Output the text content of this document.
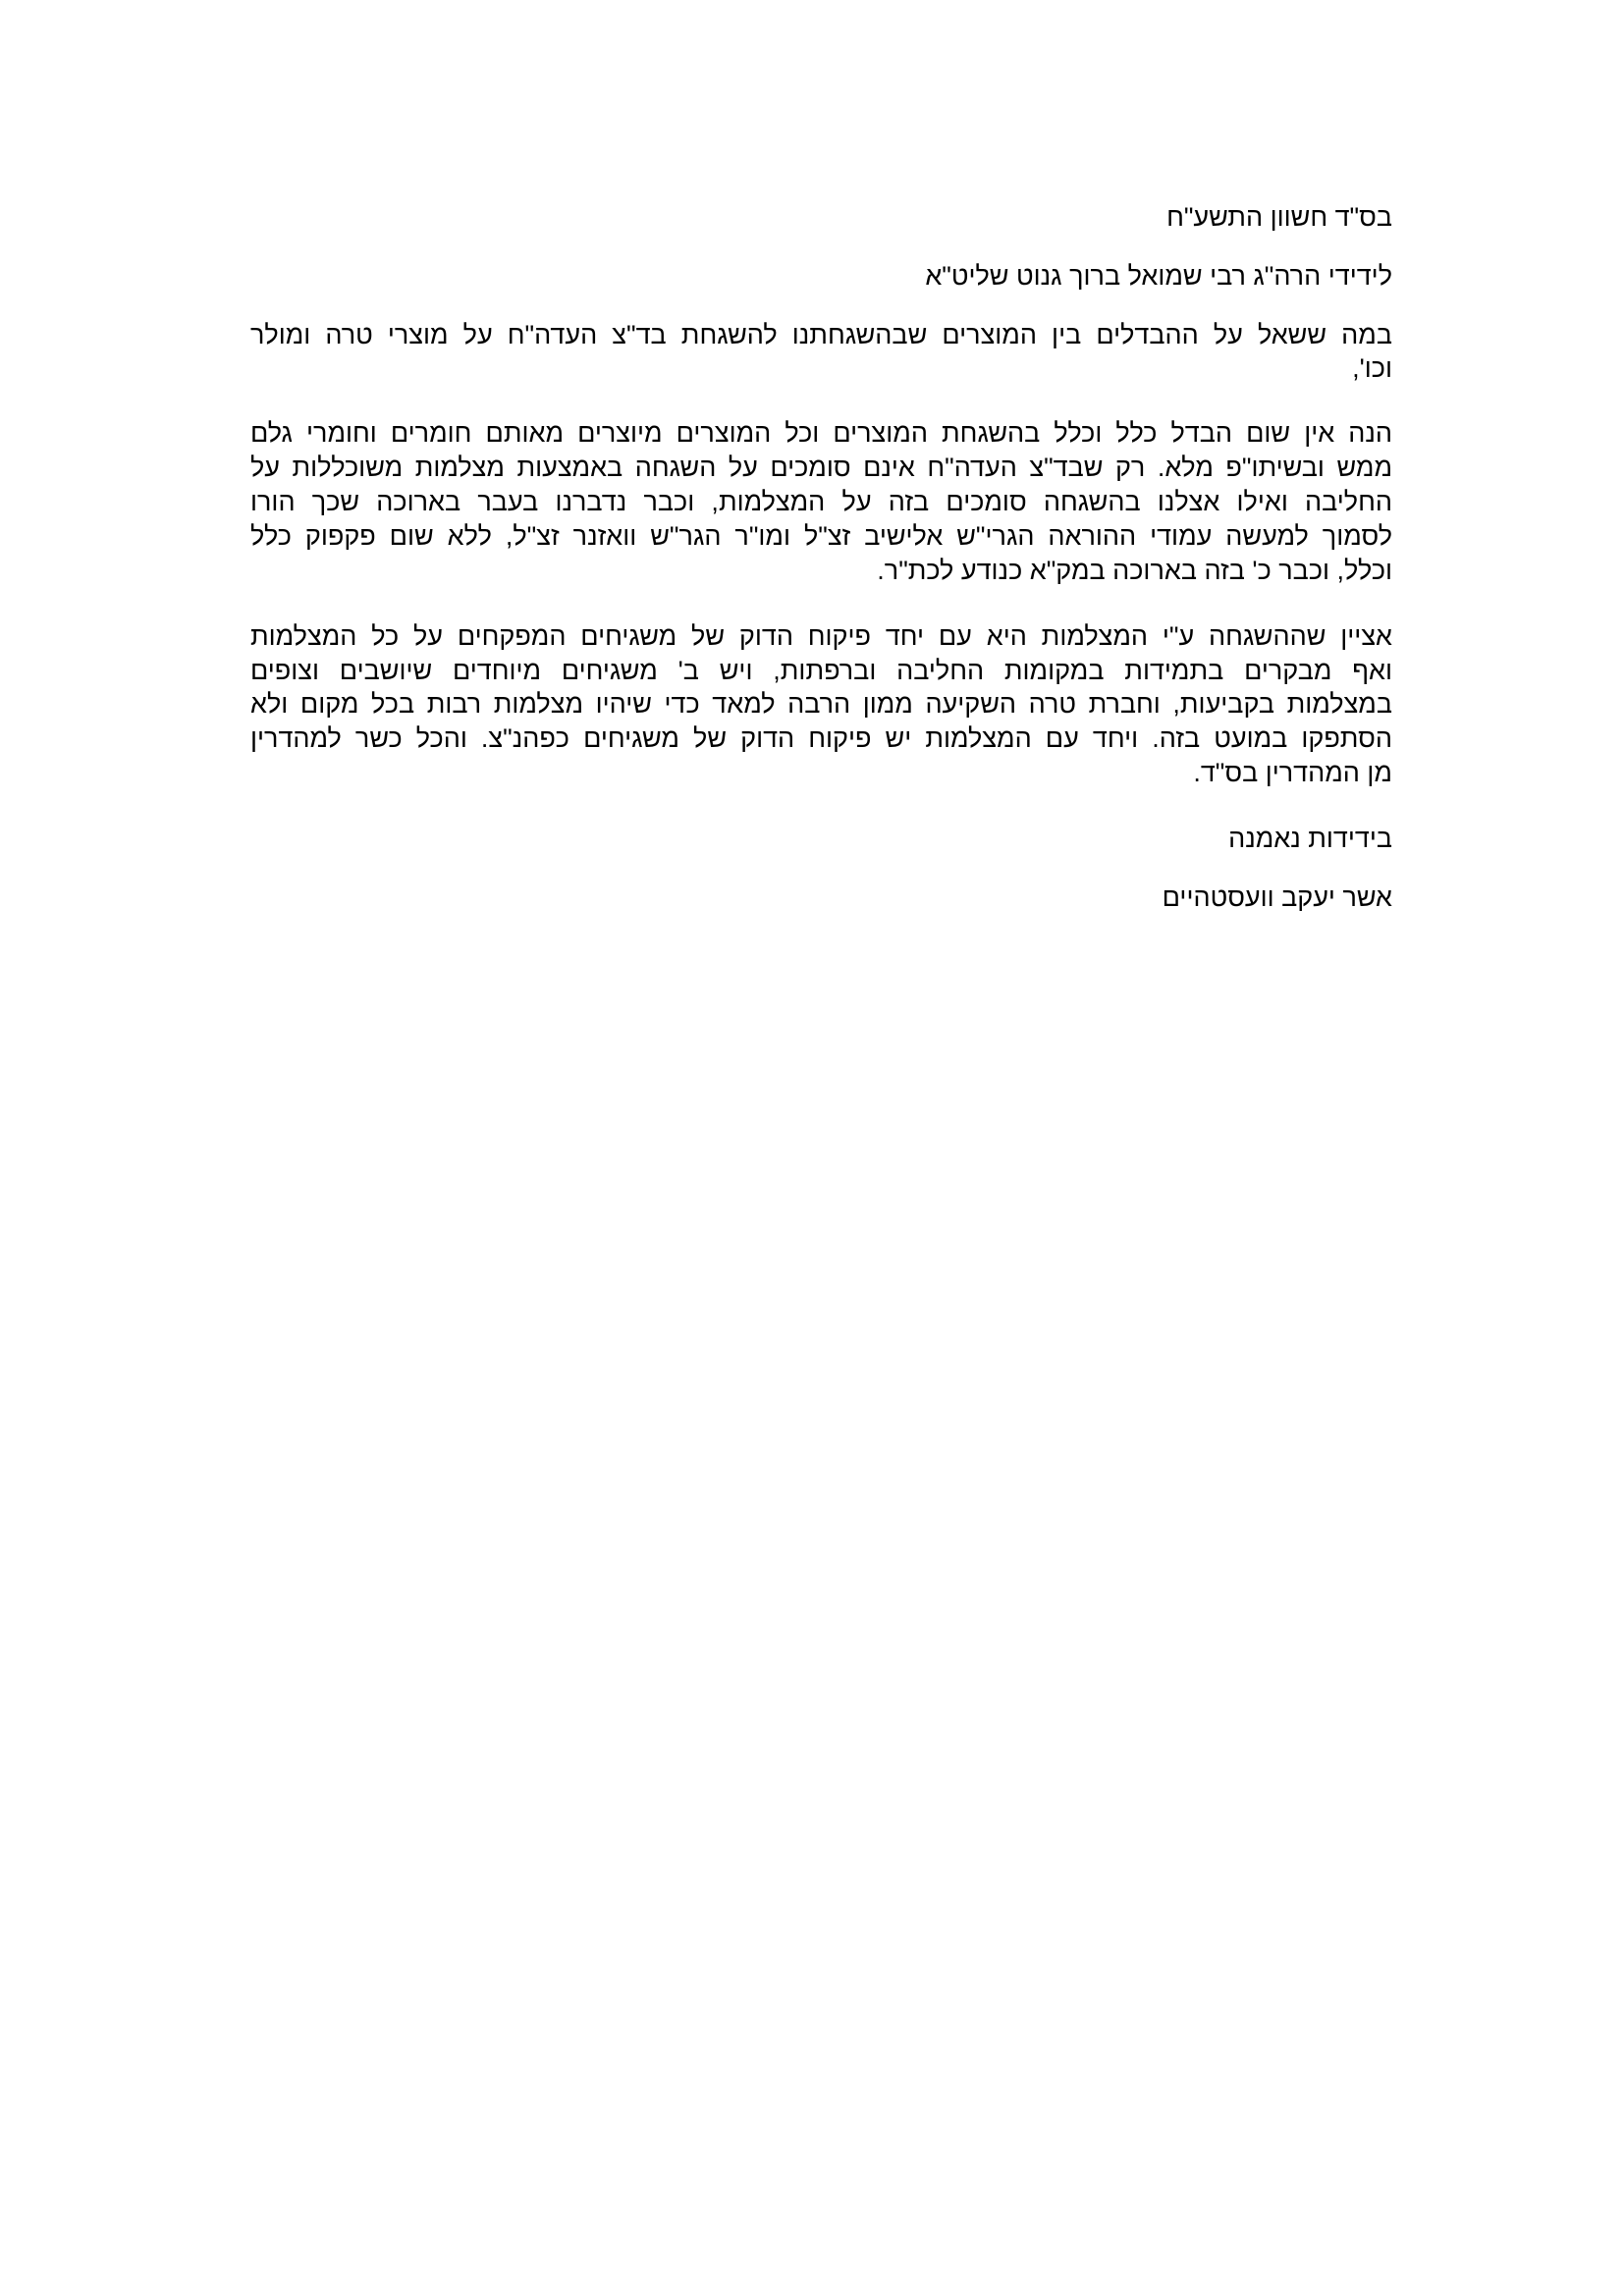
בס"ד חשוון התשע"ח
לידידי הרה"ג רבי שמואל ברוך גנוט שליט"א
במה ששאל על ההבדלים בין המוצרים שבהשגחתנו להשגחת בד"צ העדה"ח על מוצרי טרה ומולר
וכו',
הנה אין שום הבדל כלל וכלל בהשגחת המוצרים וכל המוצרים מיוצרים מאותם חומרים וחומרי גלם
ממש ובשיתו"פ מלא. רק שבד"צ העדה"ח אינם סומכים על השגחה באמצעות מצלמות משוכללות על
החליבה ואילו אצלנו בהשגחה סומכים בזה על המצלמות, וכבר נדברנו בעבר בארוכה שכך הורו
לסמוך למעשה עמודי ההוראה הגרי"ש אלישיב זצ"ל ומו"ר הגר"ש וואזנר זצ"ל, ללא שום פקפוק כלל
וכלל, וכבר כ' בזה בארוכה במק"א כנודע לכת"ר.
אציין שההשגחה ע"י המצלמות היא עם יחד פיקוח הדוק של משגיחים המפקחים על כל המצלמות
ואף מבקרים בתמידות במקומות החליבה וברפתות, ויש ב' משגיחים מיוחדים שיושבים וצופים
במצלמות בקביעות, וחברת טרה השקיעה ממון הרבה למאד כדי שיהיו מצלמות רבות בכל מקום ולא
הסתפקו במועט בזה. ויחד עם המצלמות יש פיקוח הדוק של משגיחים כפהנ"צ. והכל כשר למהדרין
מן המהדרין בס"ד.
בידידות נאמנה
אשר יעקב וועסטהיים
